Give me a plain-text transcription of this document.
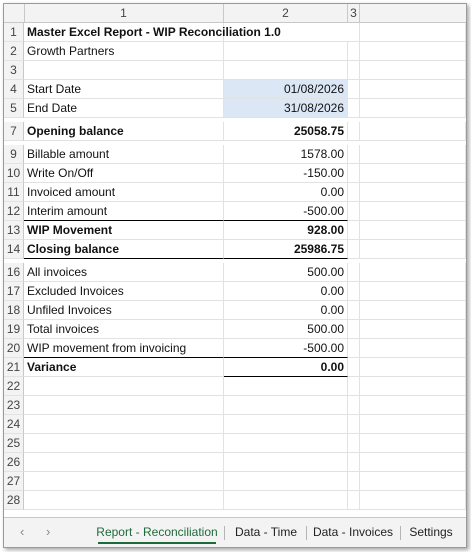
1	2	3
1 Master Excel Report - WIP Reconciliation 1.0
2 Growth Partners
3
4 Start Date	01/08/2026
5 End Date	31/08/2026
7 Opening balance	25058.75
9 Billable amount	1578.00
10 Write On/Off	-150.00
11 Invoiced amount	0.00
12 Interim amount	-500.00
13 WIP Movement	928.00
14 Closing balance	25986.75
16 All invoices	500.00
17 Excluded Invoices	0.00
18 Unfiled Invoices	0.00
19 Total invoices	500.00
20 WIP movement from invoicing	-500.00
21 Variance	0.00
22
23
24
25
26
27
28
‹ ›	Report - Reconciliation	Data - Time	Data - Invoices	Settings
